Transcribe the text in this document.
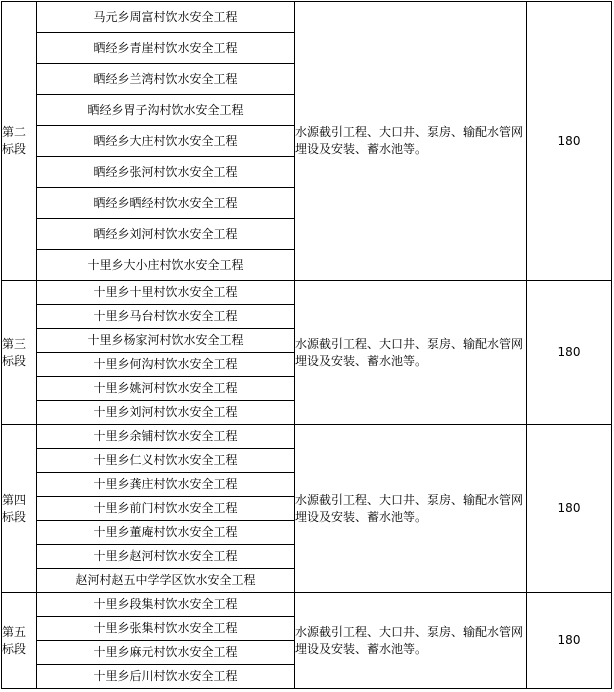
第二
标段	马元乡周富村饮水安全工程	水源截引工程、大口井、泵房、输配水管网埋设及安装、蓄水池等。	180
	晒经乡青崖村饮水安全工程		
	晒经乡兰湾村饮水安全工程		
	晒经乡胃子沟村饮水安全工程		
	晒经乡大庄村饮水安全工程		
	晒经乡张河村饮水安全工程		
	晒经乡晒经村饮水安全工程		
	晒经乡刘河村饮水安全工程		
	十里乡大小庄村饮水安全工程		

第三
标段	十里乡十里村饮水安全工程	水源截引工程、大口井、泵房、输配水管网埋设及安装、蓄水池等。	180
	十里乡马台村饮水安全工程		
	十里乡杨家河村饮水安全工程		
	十里乡何沟村饮水安全工程		
	十里乡姚河村饮水安全工程		
	十里乡刘河村饮水安全工程		

第四
标段	十里乡余铺村饮水安全工程	水源截引工程、大口井、泵房、输配水管网埋设及安装、蓄水池等。	180
	十里乡仁义村饮水安全工程		
	十里乡龚庄村饮水安全工程		
	十里乡前门村饮水安全工程		
	十里乡董庵村饮水安全工程		
	十里乡赵河村饮水安全工程		
	赵河村赵五中学学区饮水安全工程		

第五
标段	十里乡段集村饮水安全工程	水源截引工程、大口井、泵房、输配水管网埋设及安装、蓄水池等。	180
	十里乡张集村饮水安全工程		
	十里乡麻元村饮水安全工程		
	十里乡后川村饮水安全工程		
